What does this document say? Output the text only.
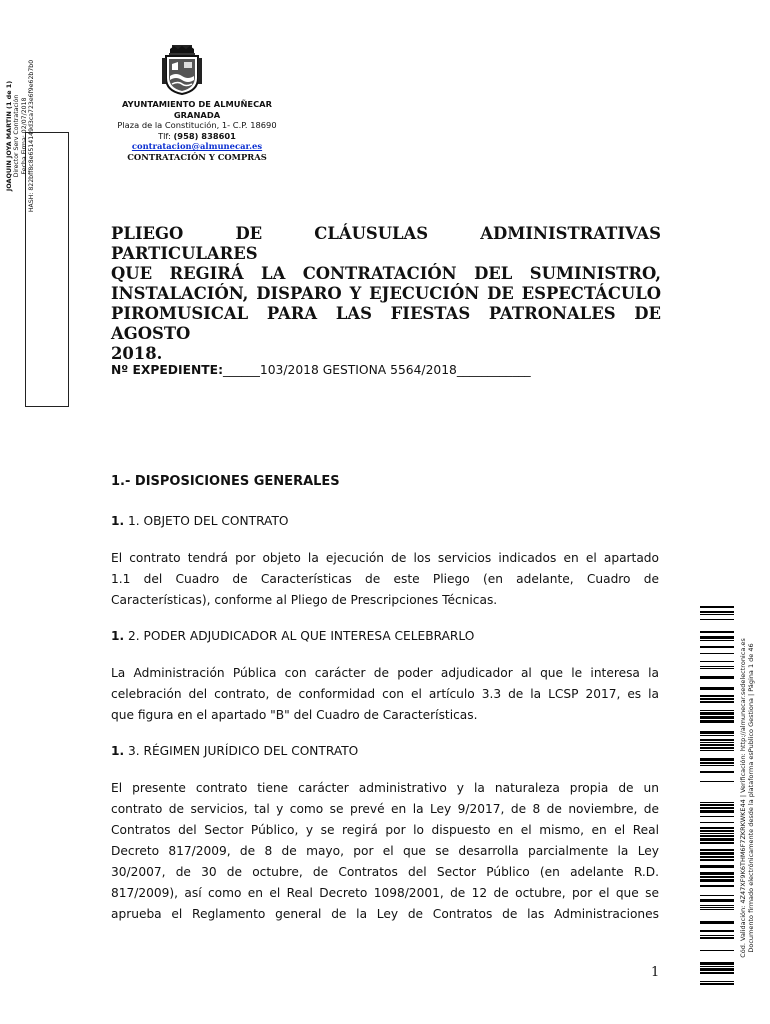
AYUNTAMIENTO DE ALMUÑECAR
GRANADA
Plaza de la Constitución, 1- C.P. 18690
Tlf: (958) 838601
contratacion@almunecar.es
CONTRATACIÓN Y COMPRAS
JOAQUIN JOYA MARTIN (1 de 1) Director Serv Contratación Fecha Firma: 02/07/2018 HASH: 822bff8c8e6514149d3ca723e6f9e62b7b0
PLIEGO DE CLÁUSULAS ADMINISTRATIVAS PARTICULARES
QUE REGIRÁ LA CONTRATACIÓN DEL SUMINISTRO,
INSTALACIÓN, DISPARO Y EJECUCIÓN DE ESPECTÁCULO
PIROMUSICAL PARA LAS FIESTAS PATRONALES DE AGOSTO
2018.
Nº EXPEDIENTE:______103/2018 GESTIONA 5564/2018____________
1.- DISPOSICIONES GENERALES
1. 1. OBJETO DEL CONTRATO

El contrato tendrá por objeto la ejecución de los servicios indicados en el apartado
1.1 del Cuadro de Características de este Pliego (en adelante, Cuadro de
Características), conforme al Pliego de Prescripciones Técnicas.

1. 2. PODER ADJUDICADOR AL QUE INTERESA CELEBRARLO

La Administración Pública con carácter de poder adjudicador al que le interesa la
celebración del contrato, de conformidad con el artículo 3.3 de la LCSP 2017, es la
que figura en el apartado "B" del Cuadro de Características.

1. 3. RÉGIMEN JURÍDICO DEL CONTRATO

El presente contrato tiene carácter administrativo y la naturaleza propia de un
contrato de servicios, tal y como se prevé en la Ley 9/2017, de 8 de noviembre, de
Contratos del Sector Público, y se regirá por lo dispuesto en el mismo, en el Real
Decreto 817/2009, de 8 de mayo, por el que se desarrolla parcialmente la Ley
30/2007, de 30 de octubre, de Contratos del Sector Público (en adelante R.D.
817/2009), así como en el Real Decreto 1098/2001, de 12 de octubre, por el que se
aprueba el Reglamento general de la Ley de Contratos de las Administraciones

1
Cód. Validación: 4Z47XF9K6THM6F7ZKRKWKE44 | Verificación: http://almunecar.sedelectronica.es Documento firmado electrónicamente desde la plataforma esPublico Gestiona | Página 1 de 46
